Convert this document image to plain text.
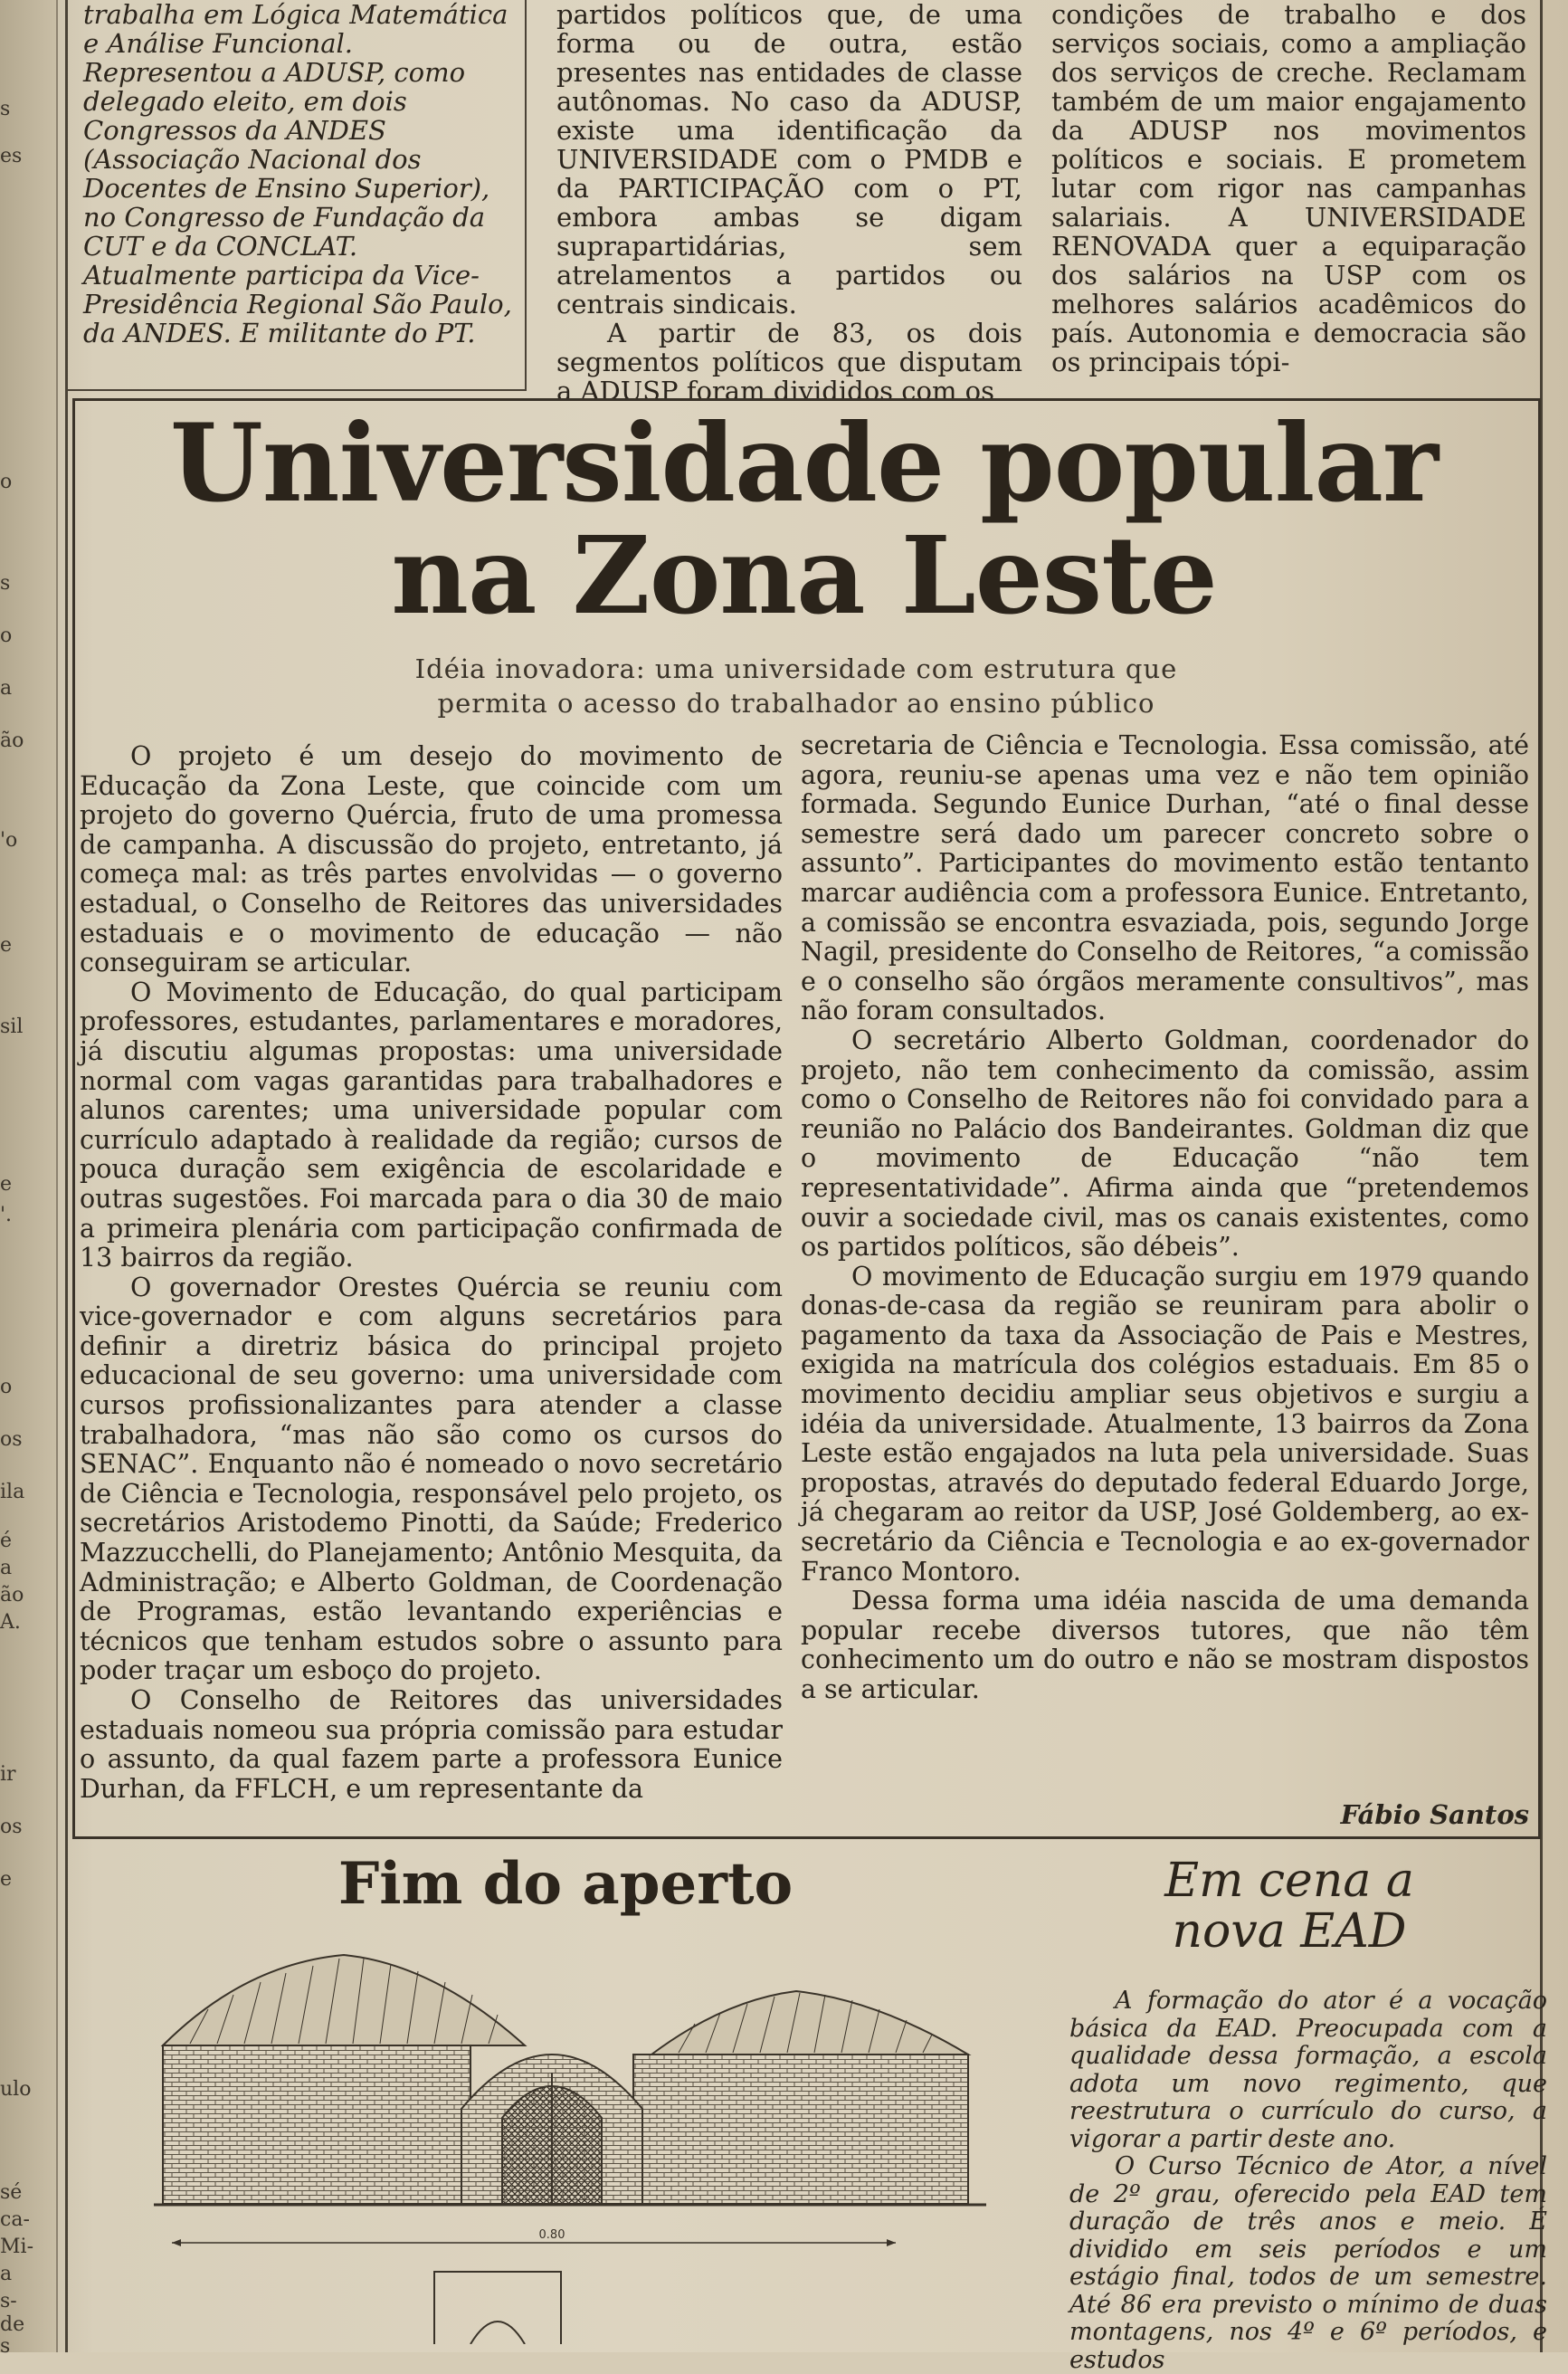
s
es
o
s
o
a
ão
'o
e
sil
e
'.
o
os
ila
é
a
ão
A.
ir
os
e
ulo
sé
ca-
Mi-
a
s-
de
s
trabalha em Lógica Matemática e Análise Funcional. Representou a ADUSP, como delegado eleito, em dois Congressos da ANDES (Associação Nacional dos Docentes de Ensino Superior), no Congresso de Fundação da CUT e da CONCLAT. Atualmente participa da Vice-Presidência Regional São Paulo, da ANDES. E militante do PT.
partidos políticos que, de uma forma ou de outra, estão presentes nas entidades de classe autônomas. No caso da ADUSP, existe uma identificação da UNIVERSIDADE com o PMDB e da PARTICIPAÇÃO com o PT, embora ambas se digam suprapartidárias, sem atrelamentos a partidos ou centrais sindicais.
A partir de 83, os dois segmentos políticos que disputam a ADUSP foram divididos com os
condições de trabalho e dos serviços sociais, como a ampliação dos serviços de creche. Reclamam também de um maior engajamento da ADUSP nos movimentos políticos e sociais. E prometem lutar com rigor nas campanhas salariais. A UNIVERSIDADE RENOVADA quer a equiparação dos salários na USP com os melhores salários acadêmicos do país. Autonomia e democracia são os principais tópi-
Universidade popular
na Zona Leste
Idéia inovadora: uma universidade com estrutura que
permita o acesso do trabalhador ao ensino público

O projeto é um desejo do movimento de Educação da Zona Leste, que coincide com um projeto do governo Quércia, fruto de uma promessa de campanha. A discussão do projeto, entretanto, já começa mal: as três partes envolvidas — o governo estadual, o Conselho de Reitores das universidades estaduais e o movimento de educação — não conseguiram se articular.

O Movimento de Educação, do qual participam professores, estudantes, parlamentares e moradores, já discutiu algumas propostas: uma universidade normal com vagas garantidas para trabalhadores e alunos carentes; uma universidade popular com currículo adaptado à realidade da região; cursos de pouca duração sem exigência de escolaridade e outras sugestões. Foi marcada para o dia 30 de maio a primeira plenária com participação confirmada de 13 bairros da região.

O governador Orestes Quércia se reuniu com vice-governador e com alguns secretários para definir a diretriz básica do principal projeto educacional de seu governo: uma universidade com cursos profissionalizantes para atender a classe trabalhadora, “mas não são como os cursos do SENAC”. Enquanto não é nomeado o novo secretário de Ciência e Tecnologia, responsável pelo projeto, os secretários Aristodemo Pinotti, da Saúde; Frederico Mazzucchelli, do Planejamento; Antônio Mesquita, da Administração; e Alberto Goldman, de Coordenação de Programas, estão levantando experiências e técnicos que tenham estudos sobre o assunto para poder traçar um esboço do projeto.

O Conselho de Reitores das universidades estaduais nomeou sua própria comissão para estudar o assunto, da qual fazem parte a professora Eunice Durhan, da FFLCH, e um representante da

secretaria de Ciência e Tecnologia. Essa comissão, até agora, reuniu-se apenas uma vez e não tem opinião formada. Segundo Eunice Durhan, “até o final desse semestre será dado um parecer concreto sobre o assunto”. Participantes do movimento estão tentanto marcar audiência com a professora Eunice. Entretanto, a comissão se encontra esvaziada, pois, segundo Jorge Nagil, presidente do Conselho de Reitores, “a comissão e o conselho são órgãos meramente consultivos”, mas não foram consultados.

O secretário Alberto Goldman, coordenador do projeto, não tem conhecimento da comissão, assim como o Conselho de Reitores não foi convidado para a reunião no Palácio dos Bandeirantes. Goldman diz que o movimento de Educação “não tem representatividade”. Afirma ainda que “pretendemos ouvir a sociedade civil, mas os canais existentes, como os partidos políticos, são débeis”.

O movimento de Educação surgiu em 1979 quando donas-de-casa da região se reuniram para abolir o pagamento da taxa da Associação de Pais e Mestres, exigida na matrícula dos colégios estaduais. Em 85 o movimento decidiu ampliar seus objetivos e surgiu a idéia da universidade. Atualmente, 13 bairros da Zona Leste estão engajados na luta pela universidade. Suas propostas, através do deputado federal Eduardo Jorge, já chegaram ao reitor da USP, José Goldemberg, ao ex-secretário da Ciência e Tecnologia e ao ex-governador Franco Montoro.

Dessa forma uma idéia nascida de uma demanda popular recebe diversos tutores, que não têm conhecimento um do outro e não se mostram dispostos a se articular.

Fábio Santos
Fim do aperto
0.80
Em cena a
nova EAD

A formação do ator é a vocação básica da EAD. Preocupada com a qualidade dessa formação, a escola adota um novo regimento, que reestrutura o currículo do curso, a vigorar a partir deste ano.

O Curso Técnico de Ator, a nível de 2º grau, oferecido pela EAD tem duração de três anos e meio. É dividido em seis períodos e um estágio final, todos de um semestre. Até 86 era previsto o mínimo de duas montagens, nos 4º e 6º períodos, e estudos
